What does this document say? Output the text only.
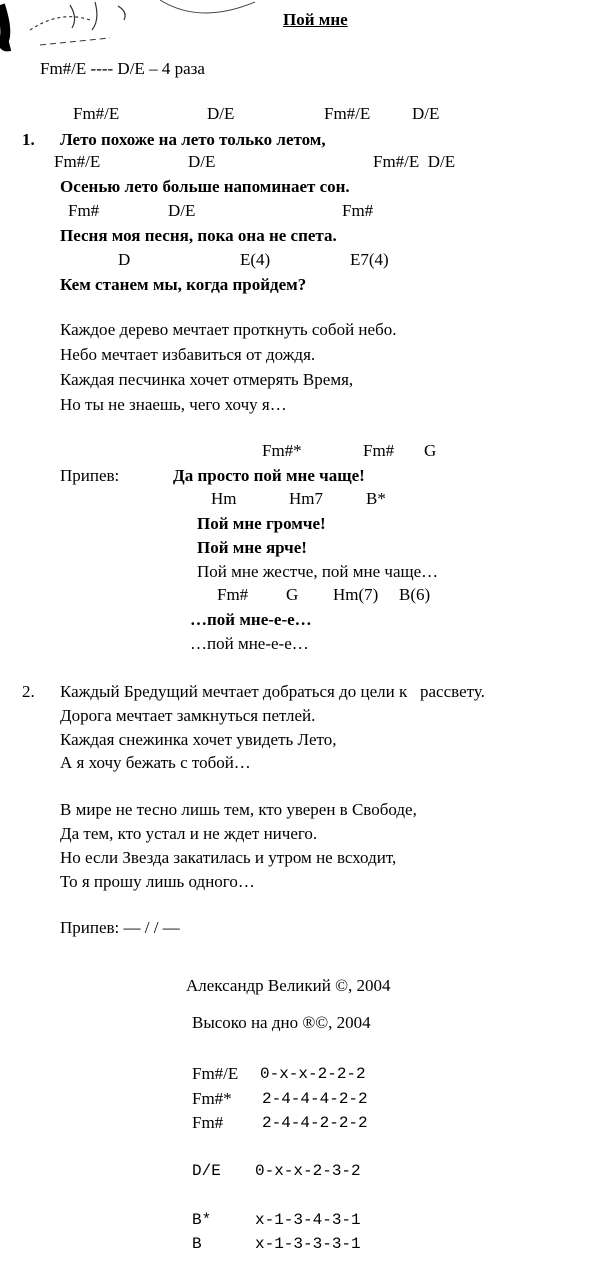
Пой мне
Fm#/E ---- D/E – 4 раза
Fm#/E	D/E	Fm#/E D/E
1. Лето похоже на лето только летом,
Fm#/E	D/E	Fm#/E  D/E
Осенью лето больше напоминает сон.
Fm#	D/E	Fm#
Песня моя песня, пока она не спета.
D	E(4)	E7(4)
Кем станем мы, когда пройдем?
Каждое дерево мечтает проткнуть собой небо.
Небо мечтает избавиться от дождя.
Каждая песчинка хочет отмерять Время,
Но ты не знаешь, чего хочу я…
Fm#*	Fm# G
Припев:	Да просто пой мне чаще!
Hm	Hm7	B*
Пой мне громче!
Пой мне ярче!
Пой мне жестче, пой мне чаще…
Fm# G Hm(7) B(6)
…пой мне-е-е…
…пой мне-е-е…
2. Каждый Бредущий мечтает добраться до цели к   рассвету.
Дорога мечтает замкнуться петлей.
Каждая снежинка хочет увидеть Лето,
А я хочу бежать с тобой…
В мире не тесно лишь тем, кто уверен в Свободе,
Да тем, кто устал и не ждет ничего.
Но если Звезда закатилась и утром не всходит,
То я прошу лишь одного…
Припев: — / / —
Александр Великий ©, 2004
Высоко на дно ®©, 2004
Fm#/E 0-x-x-2-2-2
Fm#* 2-4-4-4-2-2
Fm# 2-4-4-2-2-2
D/E 0-x-x-2-3-2
B*	x-1-3-4-3-1
B	x-1-3-3-3-1
